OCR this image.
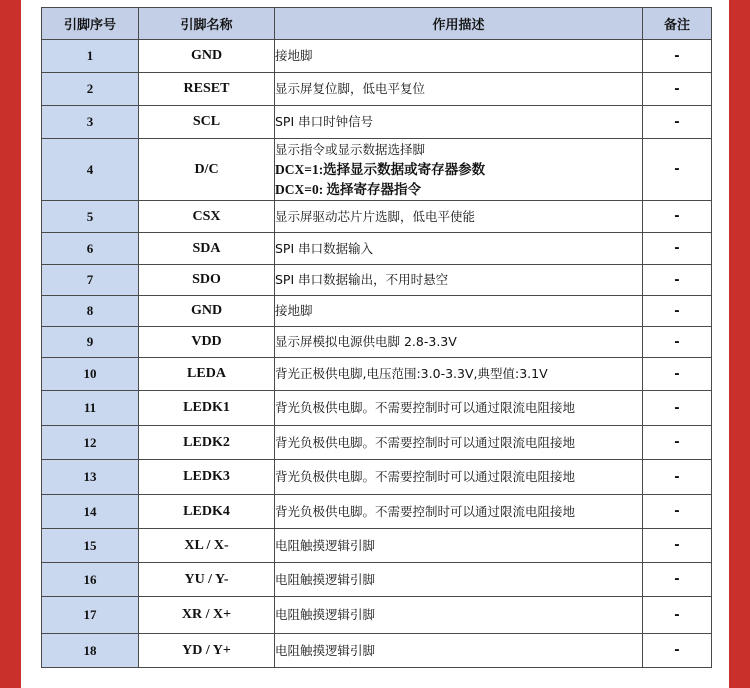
引脚序号	引脚名称	作用描述	备注
1	GND	接地脚	-
2	RESET	显示屏复位脚，低电平复位	-
3	SCL	SPI 串口时钟信号	-
4	D/C	显示指令或显示数据选择脚
DCX=1:选择显示数据或寄存器参数
DCX=0: 选择寄存器指令	-
5	CSX	显示屏驱动芯片片选脚，低电平使能	-
6	SDA	SPI 串口数据输入	-
7	SDO	SPI 串口数据输出，不用时悬空	-
8	GND	接地脚	-
9	VDD	显示屏模拟电源供电脚 2.8-3.3V	-
10	LEDA	背光正极供电脚,电压范围:3.0-3.3V,典型值:3.1V	-
11	LEDK1	背光负极供电脚。不需要控制时可以通过限流电阻接地	-
12	LEDK2	背光负极供电脚。不需要控制时可以通过限流电阻接地	-
13	LEDK3	背光负极供电脚。不需要控制时可以通过限流电阻接地	-
14	LEDK4	背光负极供电脚。不需要控制时可以通过限流电阻接地	-
15	XL / X-	电阻触摸逻辑引脚	-
16	YU / Y-	电阻触摸逻辑引脚	-
17	XR / X+	电阻触摸逻辑引脚	-
18	YD / Y+	电阻触摸逻辑引脚	-
